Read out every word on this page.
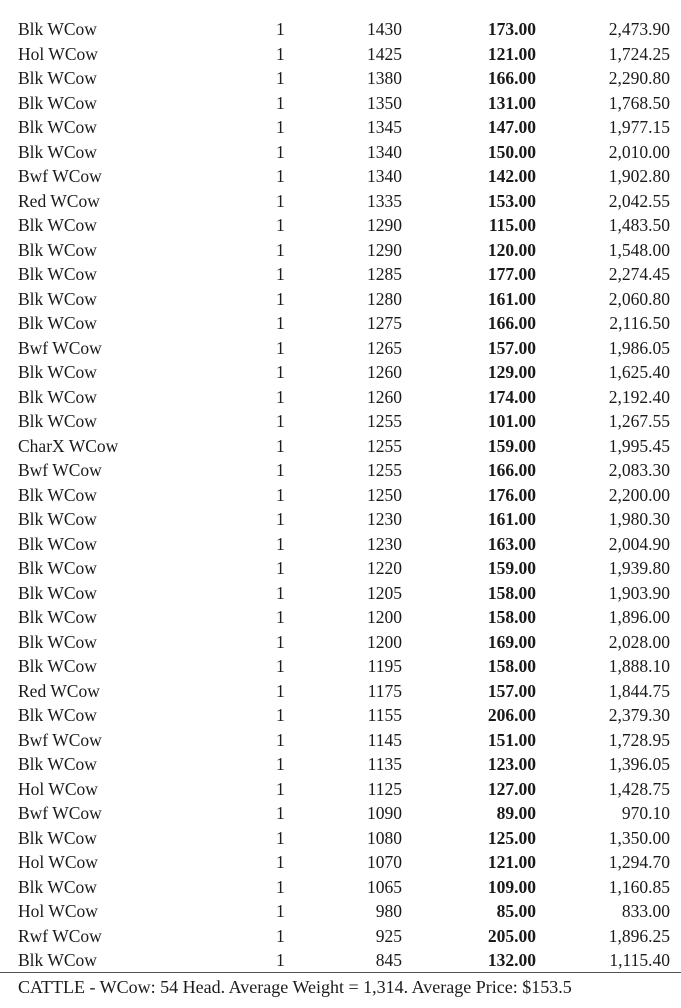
Blk WCow	1	1430	173.00	2,473.90
Hol WCow	1	1425	121.00	1,724.25
Blk WCow	1	1380	166.00	2,290.80
Blk WCow	1	1350	131.00	1,768.50
Blk WCow	1	1345	147.00	1,977.15
Blk WCow	1	1340	150.00	2,010.00
Bwf WCow	1	1340	142.00	1,902.80
Red WCow	1	1335	153.00	2,042.55
Blk WCow	1	1290	115.00	1,483.50
Blk WCow	1	1290	120.00	1,548.00
Blk WCow	1	1285	177.00	2,274.45
Blk WCow	1	1280	161.00	2,060.80
Blk WCow	1	1275	166.00	2,116.50
Bwf WCow	1	1265	157.00	1,986.05
Blk WCow	1	1260	129.00	1,625.40
Blk WCow	1	1260	174.00	2,192.40
Blk WCow	1	1255	101.00	1,267.55
CharX WCow	1	1255	159.00	1,995.45
Bwf WCow	1	1255	166.00	2,083.30
Blk WCow	1	1250	176.00	2,200.00
Blk WCow	1	1230	161.00	1,980.30
Blk WCow	1	1230	163.00	2,004.90
Blk WCow	1	1220	159.00	1,939.80
Blk WCow	1	1205	158.00	1,903.90
Blk WCow	1	1200	158.00	1,896.00
Blk WCow	1	1200	169.00	2,028.00
Blk WCow	1	1195	158.00	1,888.10
Red WCow	1	1175	157.00	1,844.75
Blk WCow	1	1155	206.00	2,379.30
Bwf WCow	1	1145	151.00	1,728.95
Blk WCow	1	1135	123.00	1,396.05
Hol WCow	1	1125	127.00	1,428.75
Bwf WCow	1	1090	89.00	970.10
Blk WCow	1	1080	125.00	1,350.00
Hol WCow	1	1070	121.00	1,294.70
Blk WCow	1	1065	109.00	1,160.85
Hol WCow	1	980	85.00	833.00
Rwf WCow	1	925	205.00	1,896.25
Blk WCow	1	845	132.00	1,115.40
CATTLE - WCow: 54 Head. Average Weight = 1,314. Average Price: $153.5
